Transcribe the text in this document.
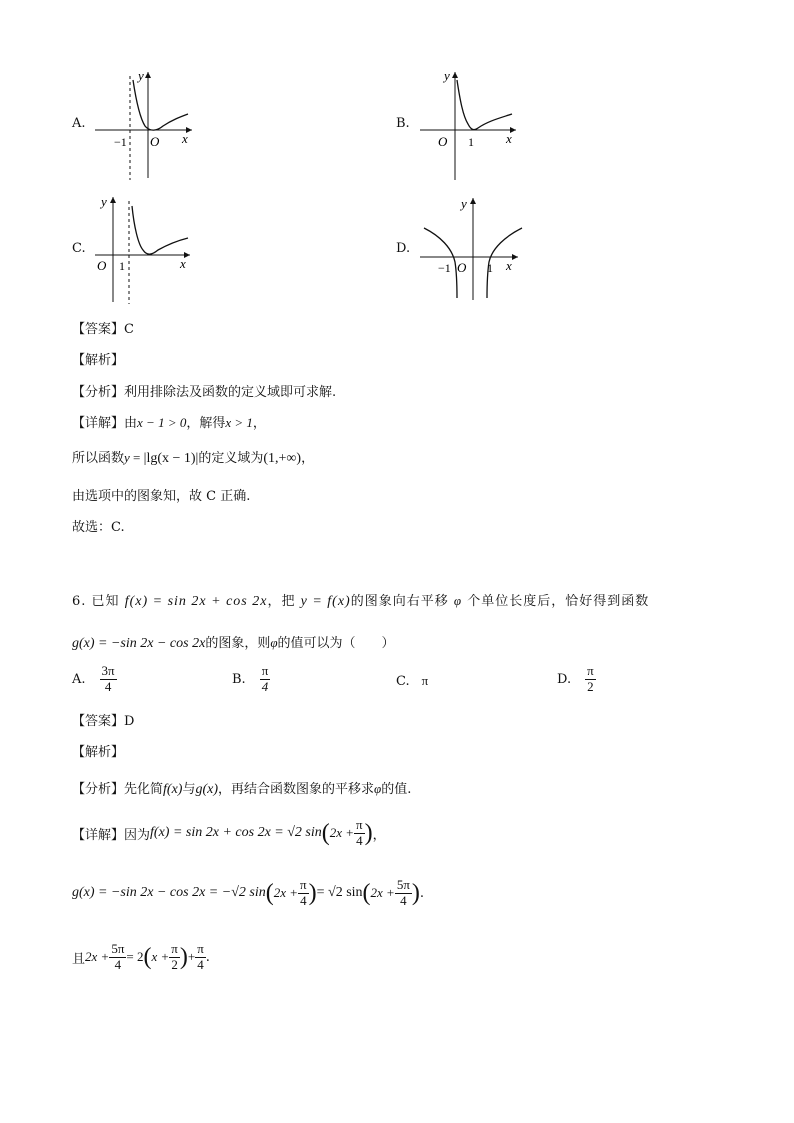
A.
y
x
O
−1
B.
y
x
O 1
C.
y
x
O 1
D.
y
x
O
−1	1
【答案】C
【解析】
【分析】利用排除法及函数的定义域即可求解.
【详解】由x − 1 > 0，解得x > 1，
所以函数y = |lg(x − 1)|的定义域为(1,+∞)，
由选项中的图象知，故 C 正确.
故选：C.
6. 已知 f(x) = sin 2x + cos 2x，把 y = f(x)的图象向右平移 φ 个单位长度后，恰好得到函数
g(x) = −sin 2x − cos 2x的图象，则φ的值可以为（　　）
A. $\frac{3\pi}{4}$	B. $\frac{\pi}{4}$	C. π	D. $\frac{\pi}{2}$
【答案】D
【解析】
【分析】先化简f(x)与g(x)，再结合函数图象的平移求φ的值.
【详解】 因为 f(x) = sin 2x + cos 2x = √2 sin ( $2x + \frac{\pi}{4}$ ) ，
g(x) = −sin 2x − cos 2x = −√2 sin ( $2x + \frac{\pi}{4}$ ) = √2 sin ( $2x + \frac{5\pi}{4}$ ) .
且 $2x + \frac{5\pi}{4} = 2$ ( $x + \frac{\pi}{2}$ ) + $\frac{\pi}{4}$ .
